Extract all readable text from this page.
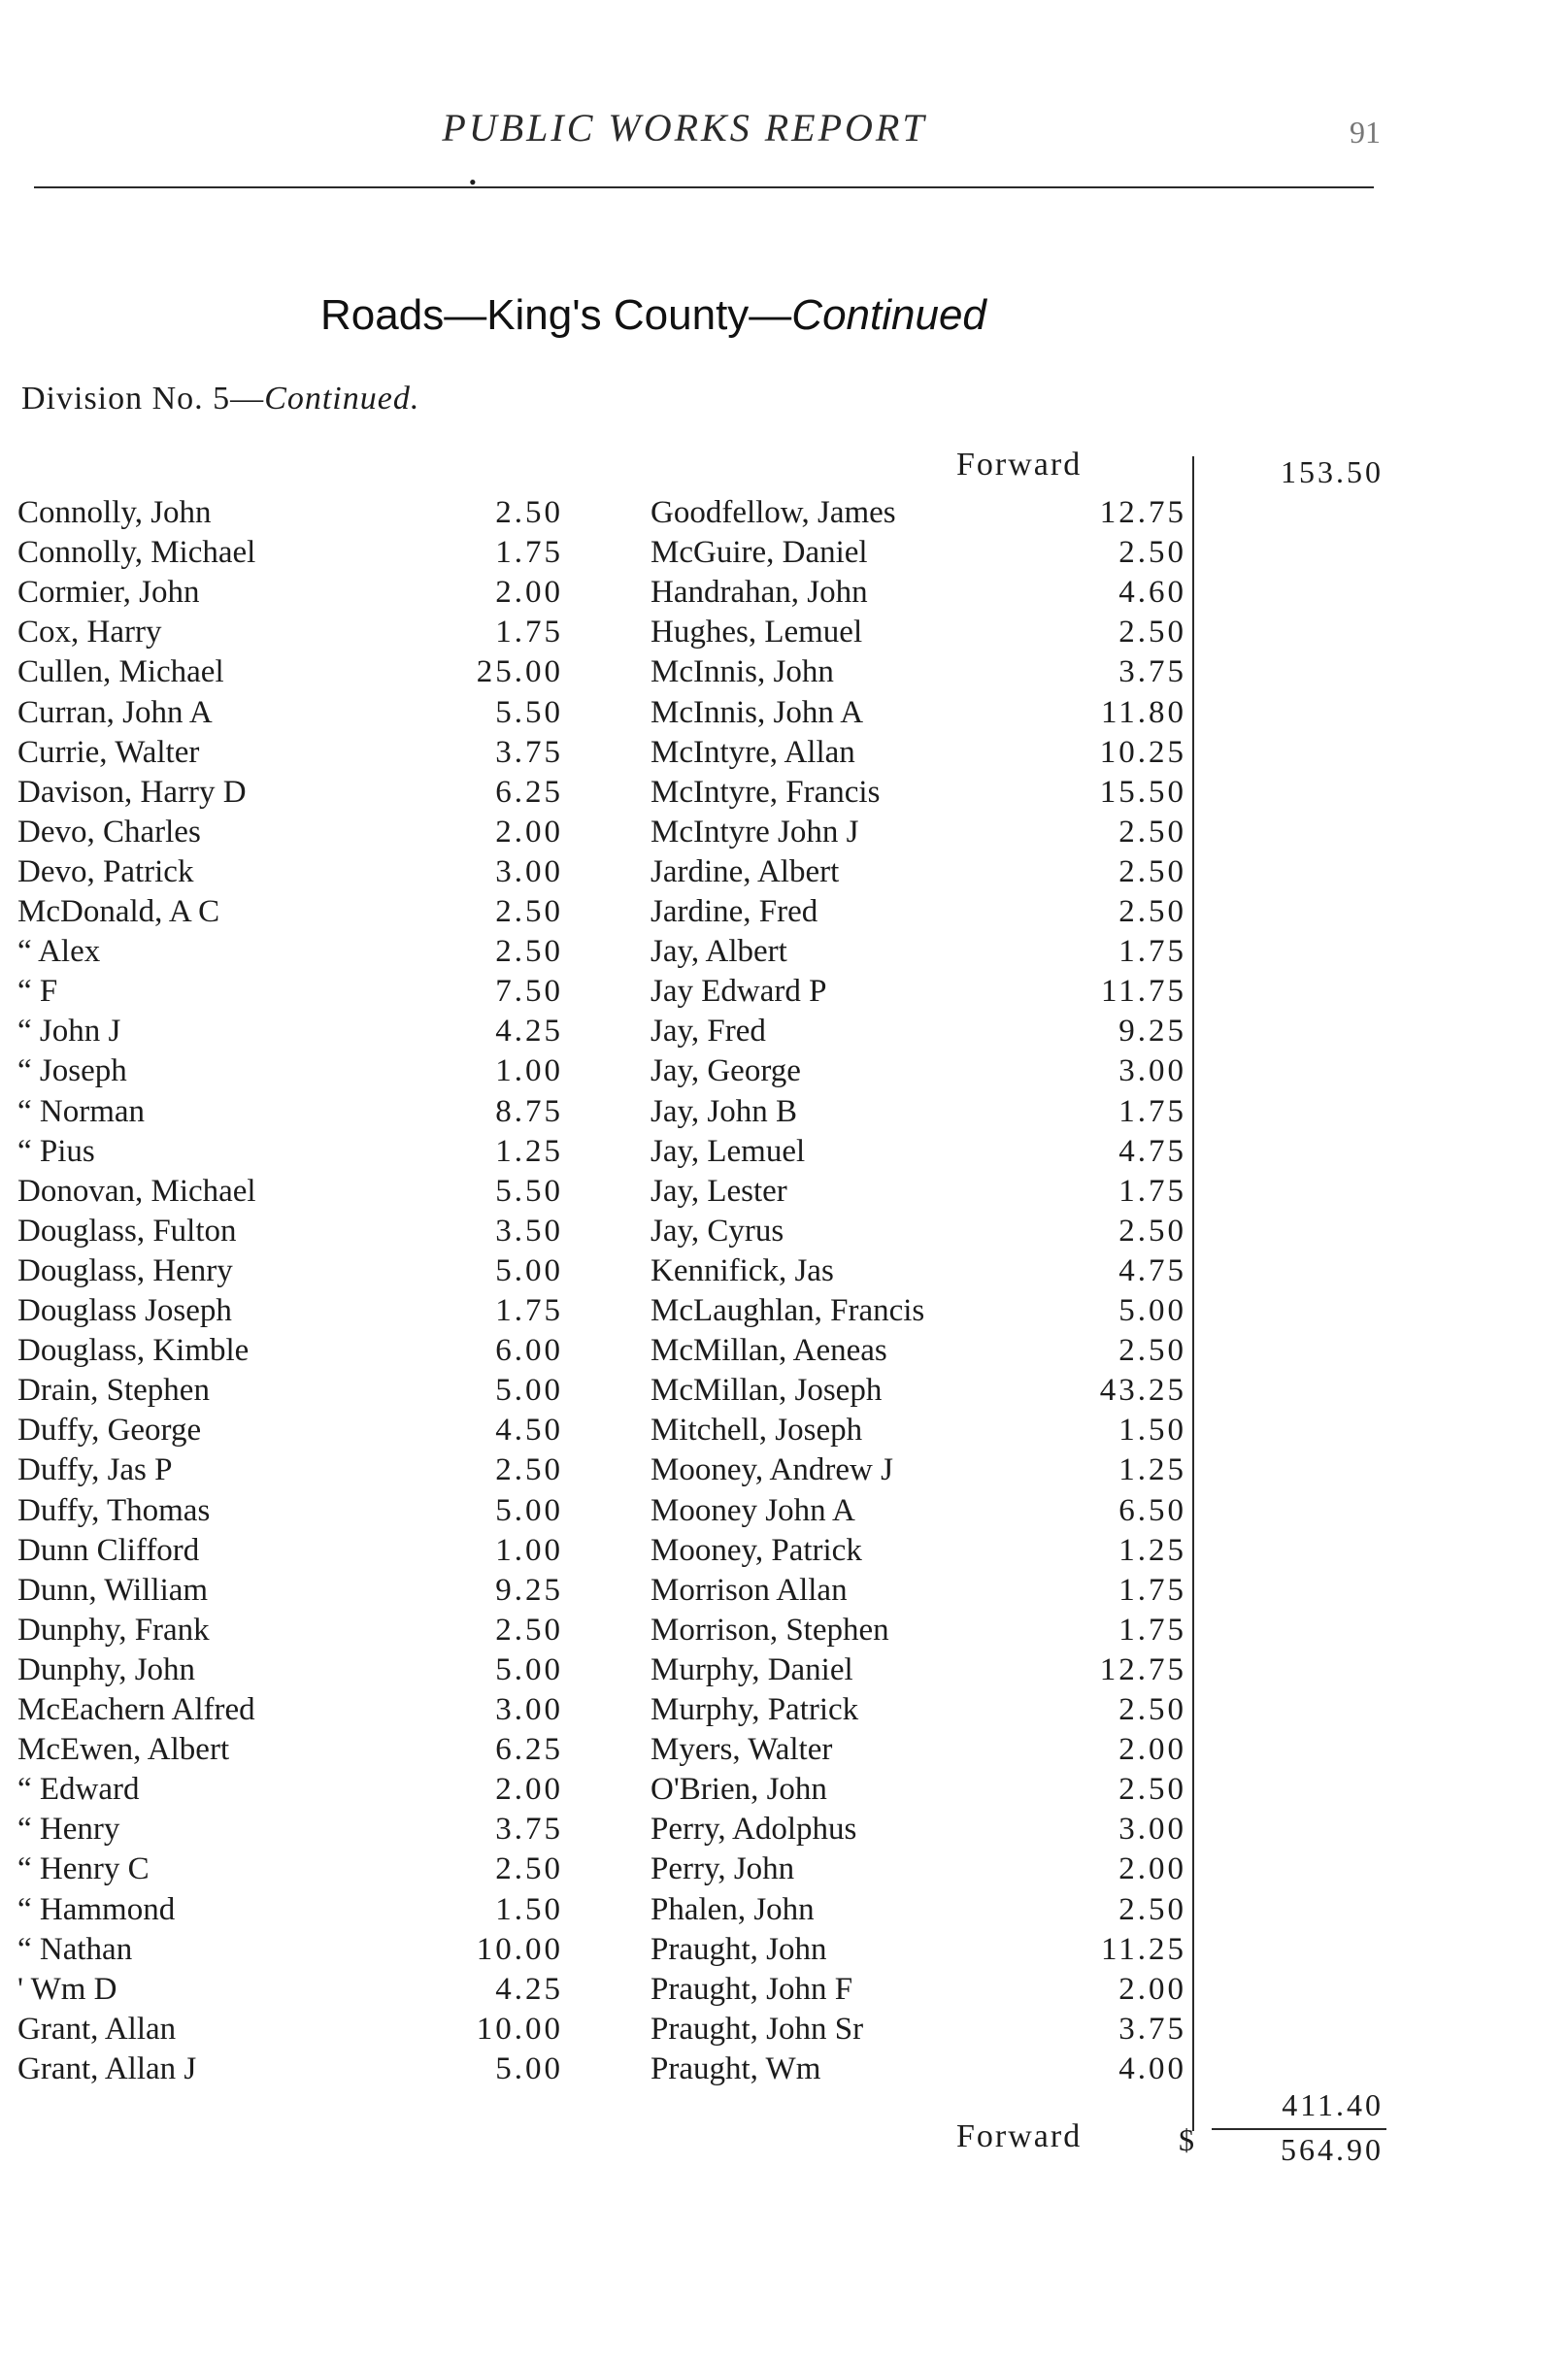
PUBLIC WORKS REPORT	91
•
Roads—King's County—Continued
Division No. 5—Continued.
Forward	153.50
Connolly, John	2.50	Goodfellow, James	12.75
Connolly, Michael	1.75	McGuire, Daniel	2.50
Cormier, John	2.00	Handrahan, John	4.60
Cox, Harry	1.75	Hughes, Lemuel	2.50
Cullen, Michael	25.00	McInnis, John	3.75
Curran, John A	5.50	McInnis, John A	11.80
Currie, Walter	3.75	McIntyre, Allan	10.25
Davison, Harry D	6.25	McIntyre, Francis	15.50
Devo, Charles	2.00	McIntyre John J	2.50
Devo, Patrick	3.00	Jardine, Albert	2.50
McDonald, A C	2.50	Jardine, Fred	2.50
“ Alex	2.50	Jay, Albert	1.75
“ F	7.50	Jay Edward P	11.75
“ John J	4.25	Jay, Fred	9.25
“ Joseph	1.00	Jay, George	3.00
“ Norman	8.75	Jay, John B	1.75
“ Pius	1.25	Jay, Lemuel	4.75
Donovan, Michael	5.50	Jay, Lester	1.75
Douglass, Fulton	3.50	Jay, Cyrus	2.50
Douglass, Henry	5.00	Kennifick, Jas	4.75
Douglass Joseph	1.75	McLaughlan, Francis	5.00
Douglass, Kimble	6.00	McMillan, Aeneas	2.50
Drain, Stephen	5.00	McMillan, Joseph	43.25
Duffy, George	4.50	Mitchell, Joseph	1.50
Duffy, Jas P	2.50	Mooney, Andrew J	1.25
Duffy, Thomas	5.00	Mooney John A	6.50
Dunn Clifford	1.00	Mooney, Patrick	1.25
Dunn, William	9.25	Morrison Allan	1.75
Dunphy, Frank	2.50	Morrison, Stephen	1.75
Dunphy, John	5.00	Murphy, Daniel	12.75
McEachern Alfred	3.00	Murphy, Patrick	2.50
McEwen, Albert	6.25	Myers, Walter	2.00
“ Edward	2.00	O'Brien, John	2.50
“ Henry	3.75	Perry, Adolphus	3.00
“ Henry C	2.50	Perry, John	2.00
“ Hammond	1.50	Phalen, John	2.50
“ Nathan	10.00	Praught, John	11.25
' Wm D	4.25	Praught, John F	2.00
Grant, Allan	10.00	Praught, John Sr	3.75
Grant, Allan J	5.00	Praught, Wm	4.00
411.40
Forward	$	564.90
